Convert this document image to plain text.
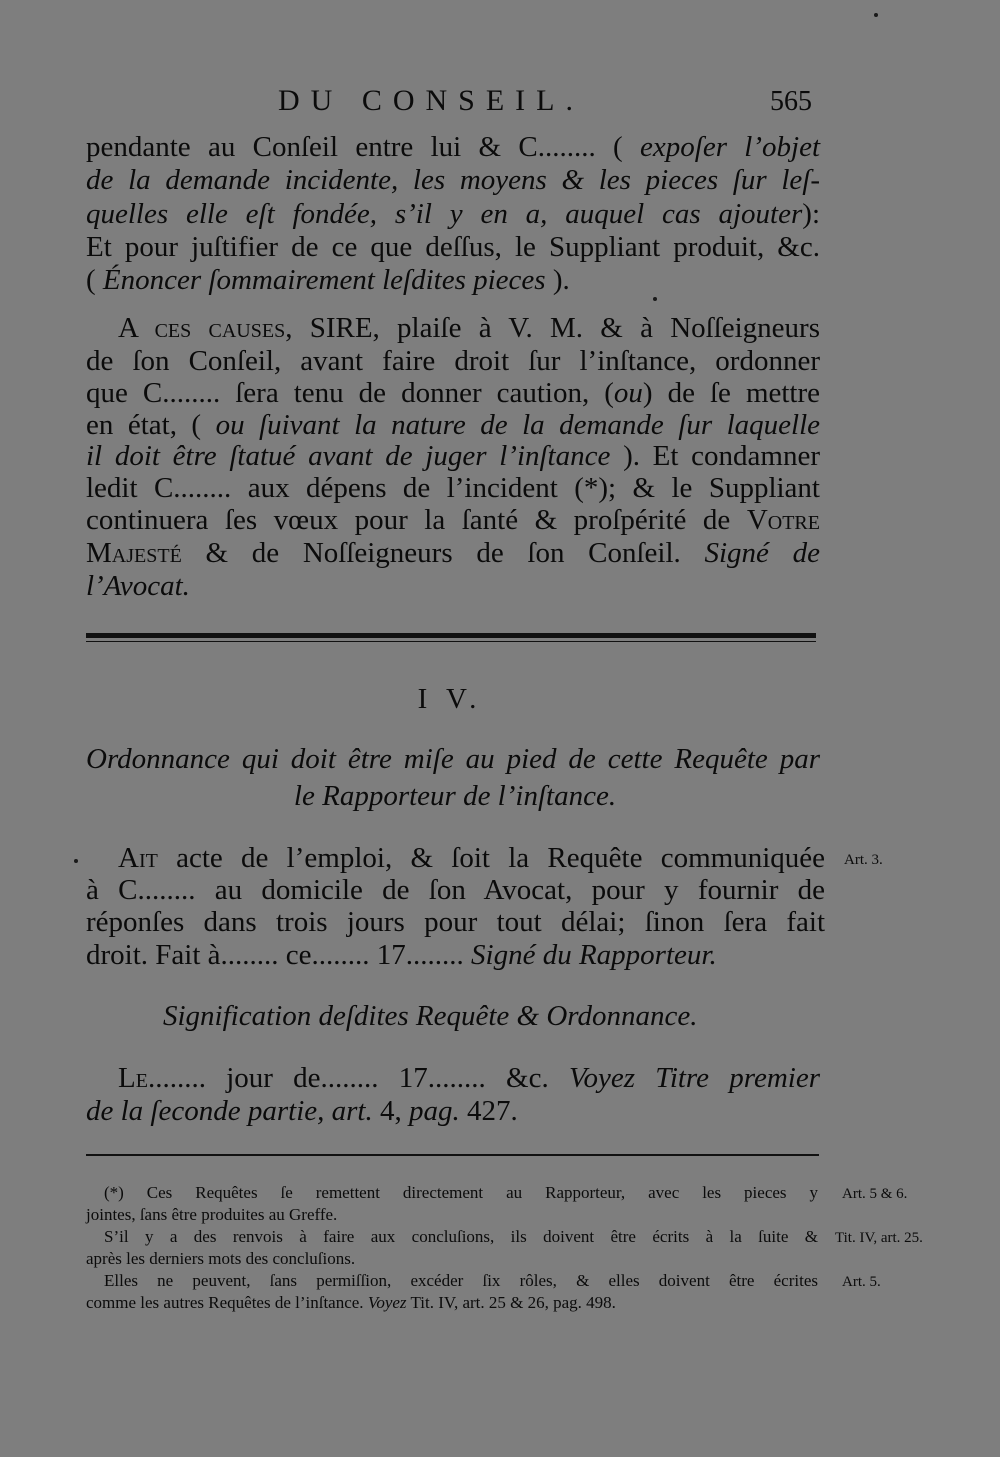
DU CONSEIL.	565
pendante au Conſeil entre lui & C........ ( expoſer l’objet
de la demande incidente, les moyens & les pieces ſur leſ-
quelles elle eſt fondée, s’il y en a, auquel cas ajouter):
Et pour juſtifier de ce que deſſus, le Suppliant produit, &c.
( Énoncer ſommairement leſdites pieces ).
A ces causes, SIRE, plaiſe à V. M. & à Noſſeigneurs
de ſon Conſeil, avant faire droit ſur l’inſtance, ordonner
que C........ ſera tenu de donner caution, (ou) de ſe mettre
en état, ( ou ſuivant la nature de la demande ſur laquelle
il doit être ſtatué avant de juger l’inſtance ). Et condamner
ledit C........ aux dépens de l’incident (*); & le Suppliant
continuera ſes vœux pour la ſanté & proſpérité de Votre
Majesté & de Noſſeigneurs de ſon Conſeil. Signé de
l’Avocat.
I V.
Ordonnance qui doit être miſe au pied de cette Requête par
le Rapporteur de l’inſtance.
Ait acte de l’emploi, & ſoit la Requête communiquée Art. 3.
à C........ au domicile de ſon Avocat, pour y fournir de
réponſes dans trois jours pour tout délai; ſinon ſera fait
droit. Fait à........ ce........ 17........ Signé du Rapporteur.
Signification deſdites Requête & Ordonnance.
Le........ jour de........ 17........ &c. Voyez Titre premier
de la ſeconde partie, art. 4, pag. 427.
(*) Ces Requêtes ſe remettent directement au Rapporteur, avec les pieces y Art. 5 & 6.
jointes, ſans être produites au Greffe.
S’il y a des renvois à faire aux concluſions, ils doivent être écrits à la ſuite & Tit. IV, art. 25.
après les derniers mots des concluſions.
Elles ne peuvent, ſans permiſſion, excéder ſix rôles, & elles doivent être écrites Art. 5.
comme les autres Requêtes de l’inſtance. Voyez Tit. IV, art. 25 & 26, pag. 498.
